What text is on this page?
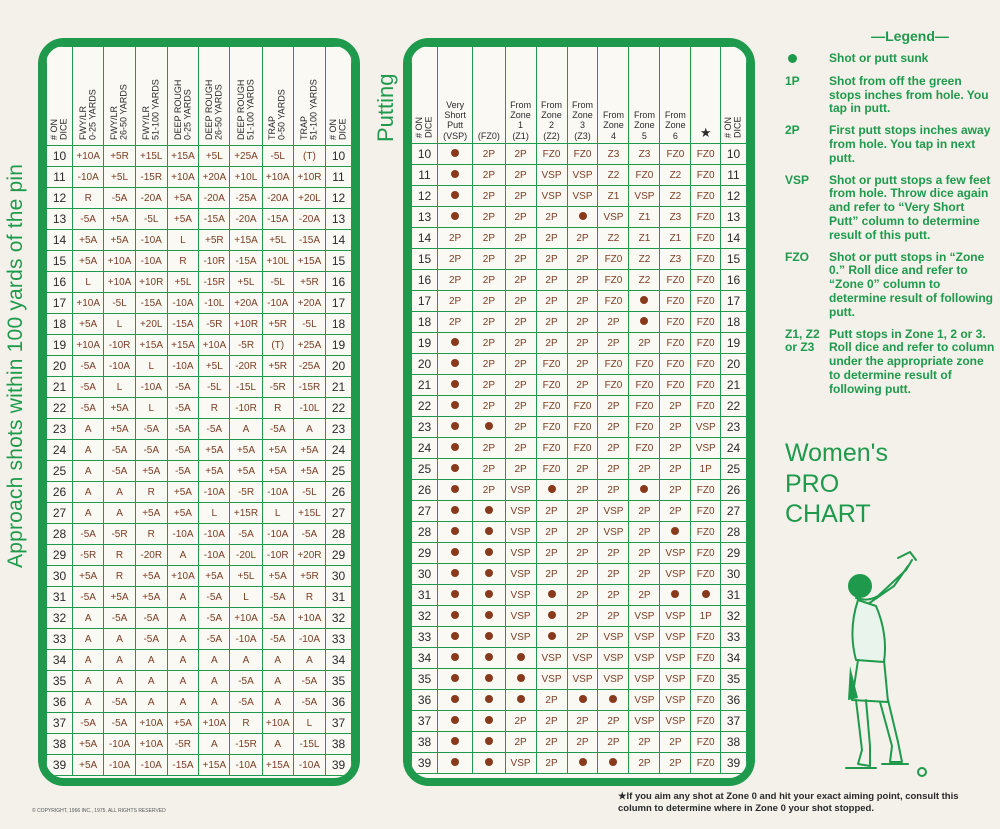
Approach shots within 100 yards of the pin
# ON
DICE	FWY/LR
0-25 YARDS	FWY/LR
26-50 YARDS	FWY/LR
51-100 YARDS	DEEP ROUGH
0-25 YARDS	DEEP ROUGH
26-50 YARDS	DEEP ROUGH
51-100 YARDS	TRAP
0-50 YARDS	TRAP
51-100 YARDS	# ON
DICE
10	+10A	+5R	+15L	+15A	+5L	+25A	-5L	(T)	10
11	-10A	+5L	-15R	+10A	+20A	+10L	+10A	+10R	11
12	R	-5A	-20A	+5A	-20A	-25A	-20A	+20L	12
13	-5A	+5A	-5L	+5A	-15A	-20A	-15A	-20A	13
14	+5A	+5A	-10A	L	+5R	+15A	+5L	-15A	14
15	+5A	+10A	-10A	R	-10R	-15A	+10L	+15A	15
16	L	+10A	+10R	+5L	-15R	+5L	-5L	+5R	16
17	+10A	-5L	-15A	-10A	-10L	+20A	-10A	+20A	17
18	+5A	L	+20L	-15A	-5R	+10R	+5R	-5L	18
19	+10A	-10R	+15A	+15A	+10A	-5R	(T)	+25A	19
20	-5A	-10A	L	-10A	+5L	-20R	+5R	-25A	20
21	-5A	L	-10A	-5A	-5L	-15L	-5R	-15R	21
22	-5A	+5A	L	-5A	R	-10R	R	-10L	22
23	A	+5A	-5A	-5A	-5A	A	-5A	A	23
24	A	-5A	-5A	-5A	+5A	+5A	+5A	+5A	24
25	A	-5A	+5A	-5A	+5A	+5A	+5A	+5A	25
26	A	A	R	+5A	-10A	-5R	-10A	-5L	26
27	A	A	+5A	+5A	L	+15R	L	+15L	27
28	-5A	-5R	R	-10A	-10A	-5A	-10A	-5A	28
29	-5R	R	-20R	A	-10A	-20L	-10R	+20R	29
30	+5A	R	+5A	+10A	+5A	+5L	+5A	+5R	30
31	-5A	+5A	+5A	A	-5A	L	-5A	R	31
32	A	-5A	-5A	A	-5A	+10A	-5A	+10A	32
33	A	A	-5A	A	-5A	-10A	-5A	-10A	33
34	A	A	A	A	A	A	A	A	34
35	A	A	A	A	A	-5A	A	-5A	35
36	A	-5A	A	A	A	-5A	A	-5A	36
37	-5A	-5A	+10A	+5A	+10A	R	+10A	L	37
38	+5A	-10A	+10A	-5R	A	-15R	A	-15L	38
39	+5A	-10A	-10A	-15A	+15A	-10A	+15A	-10A	39
Putting # ON
DICE	Very
Short
Putt
(VSP)	(FZ0)	From
Zone
1
(Z1)	From
Zone
2
(Z2)	From
Zone
3
(Z3)	From
Zone
4	From
Zone
5	From
Zone
6	★	# ON
DICE
10		2P	2P	FZ0	FZ0	Z3	Z3	FZ0	FZ0	10
11		2P	2P	VSP	VSP	Z2	FZ0	Z2	FZ0	11
12		2P	2P	VSP	VSP	Z1	VSP	Z2	FZ0	12
13		2P	2P	2P		VSP	Z1	Z3	FZ0	13
14	2P	2P	2P	2P	2P	Z2	Z1	Z1	FZ0	14
15	2P	2P	2P	2P	2P	FZ0	Z2	Z3	FZ0	15
16	2P	2P	2P	2P	2P	FZ0	Z2	FZ0	FZ0	16
17	2P	2P	2P	2P	2P	FZ0		FZ0	FZ0	17
18	2P	2P	2P	2P	2P	2P		FZ0	FZ0	18
19		2P	2P	2P	2P	2P	2P	FZ0	FZ0	19
20		2P	2P	FZ0	2P	FZ0	FZ0	FZ0	FZ0	20
21		2P	2P	FZ0	2P	FZ0	FZ0	FZ0	FZ0	21
22		2P	2P	FZ0	FZ0	2P	FZ0	2P	FZ0	22
23			2P	FZ0	FZ0	2P	FZ0	2P	VSP	23
24		2P	2P	FZ0	FZ0	2P	FZ0	2P	VSP	24
25		2P	2P	FZ0	2P	2P	2P	2P	1P	25
26		2P	VSP		2P	2P		2P	FZ0	26
27			VSP	2P	2P	VSP	2P	2P	FZ0	27
28			VSP	2P	2P	VSP	2P		FZ0	28
29			VSP	2P	2P	2P	2P	VSP	FZ0	29
30			VSP	2P	2P	2P	2P	VSP	FZ0	30
31			VSP		2P	2P	2P			31
32			VSP		2P	2P	VSP	VSP	1P	32
33			VSP		2P	VSP	VSP	VSP	FZ0	33
34				VSP	VSP	VSP	VSP	VSP	FZ0	34
35				VSP	VSP	VSP	VSP	VSP	FZ0	35
36				2P			VSP	VSP	FZ0	36
37			2P	2P	2P	2P	VSP	VSP	FZ0	37
38			2P	2P	2P	2P	2P	2P	FZ0	38
39			VSP	2P			2P	2P	FZ0	39
—Legend—
Shot or putt sunk
1P	Shot from off the green stops inches from hole. You tap in putt.
2P	First putt stops inches away from hole. You tap in next putt.
VSP	Shot or putt stops a few feet from hole. Throw dice again and refer to “Very Short Putt” column to determine result of this putt.
FZO	Shot or putt stops in “Zone 0.” Roll dice and refer to “Zone 0” column to determine result of following putt.
Z1, Z2 or Z3
Putt stops in Zone 1, 2 or 3. Roll dice and refer to column under the appropriate zone to determine result of following putt.
Women's
PRO
CHART
★If you aim any shot at Zone 0 and hit your exact aiming point, consult this column to determine where in Zone 0 your shot stopped.
© COPYRIGHT, 1966 INC., 1975. ALL RIGHTS RESERVED
